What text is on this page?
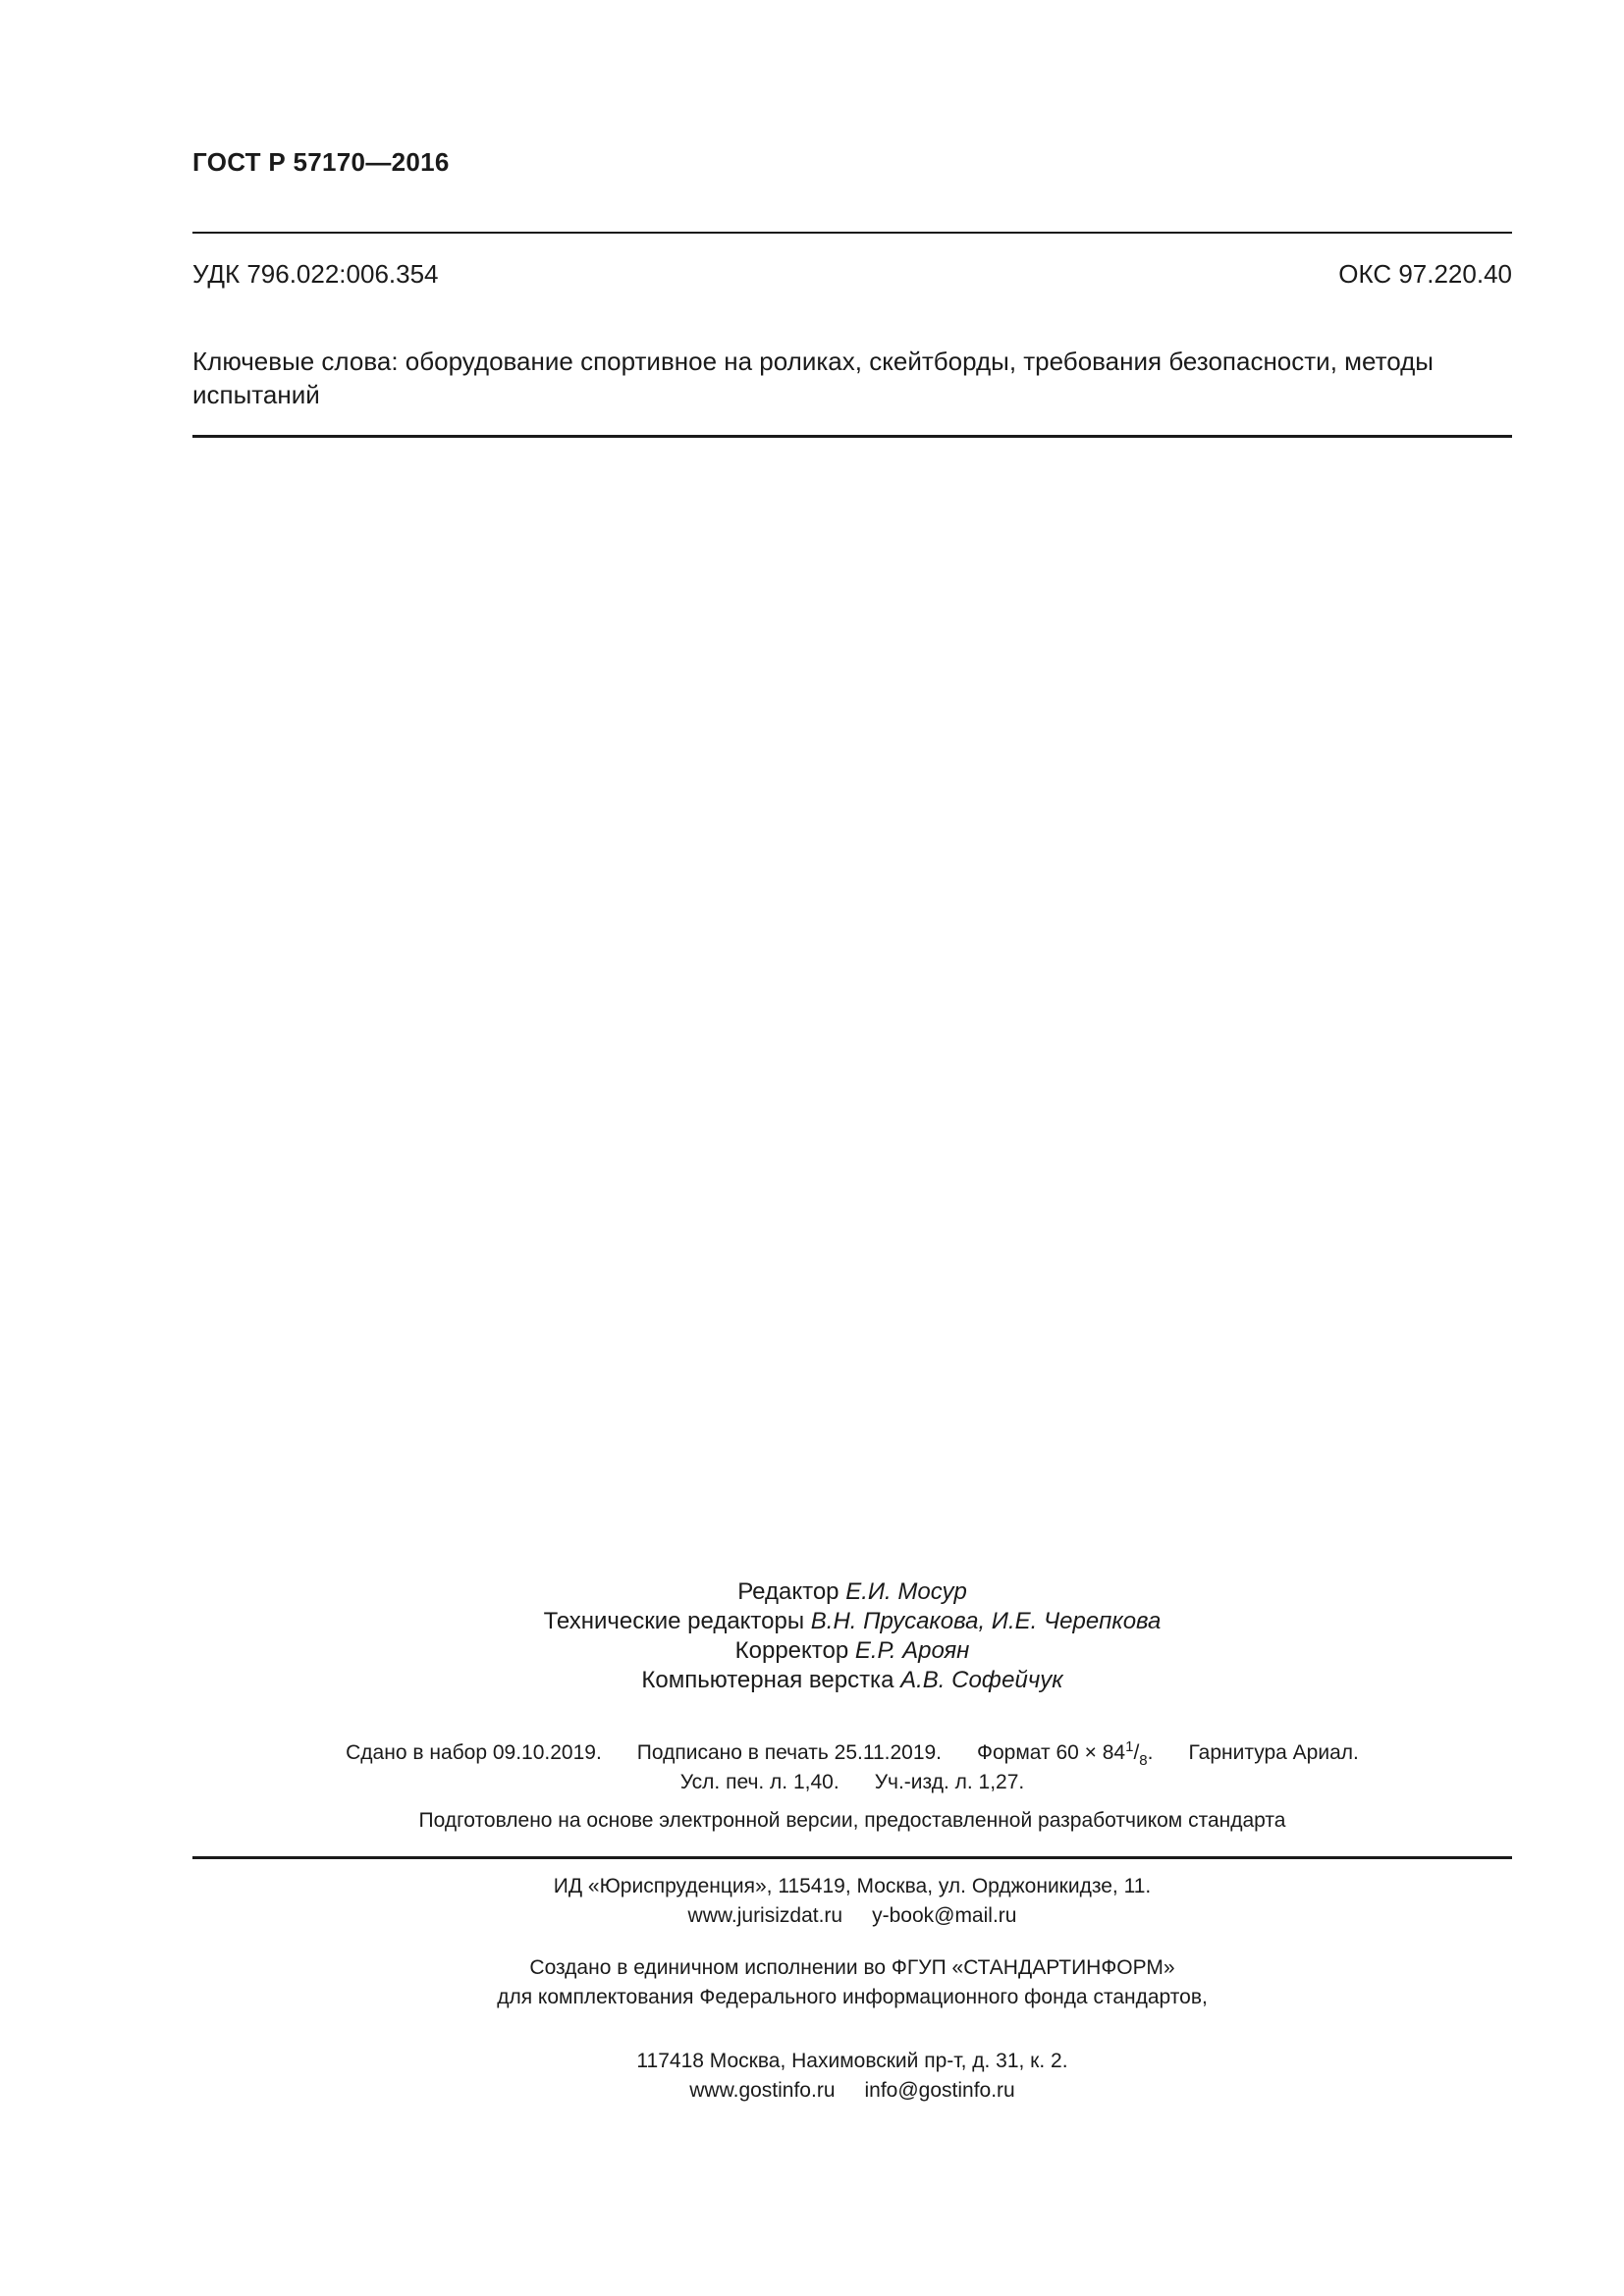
ГОСТ Р 57170—2016
УДК 796.022:006.354	ОКС 97.220.40
Ключевые слова: оборудование спортивное на роликах, скейтборды, требования безопасности, методы испытаний
Редактор Е.И. Мосур
Технические редакторы В.Н. Прусакова, И.Е. Черепкова
Корректор Е.Р. Ароян
Компьютерная верстка А.В. Софейчук
Сдано в набор 09.10.2019. Подписано в печать 25.11.2019. Формат $60 \times 84^1/_8$. Гарнитура Ариал.
Усл. печ. л. 1,40. Уч.-изд. л. 1,27.
Подготовлено на основе электронной версии, предоставленной разработчиком стандарта
ИД «Юриспруденция», 115419, Москва, ул. Орджоникидзе, 11.
www.jurisizdat.ru y-book@mail.ru
Создано в единичном исполнении во ФГУП «СТАНДАРТИНФОРМ»
для комплектования Федерального информационного фонда стандартов,
117418 Москва, Нахимовский пр-т, д. 31, к. 2.
www.gostinfo.ru info@gostinfo.ru
